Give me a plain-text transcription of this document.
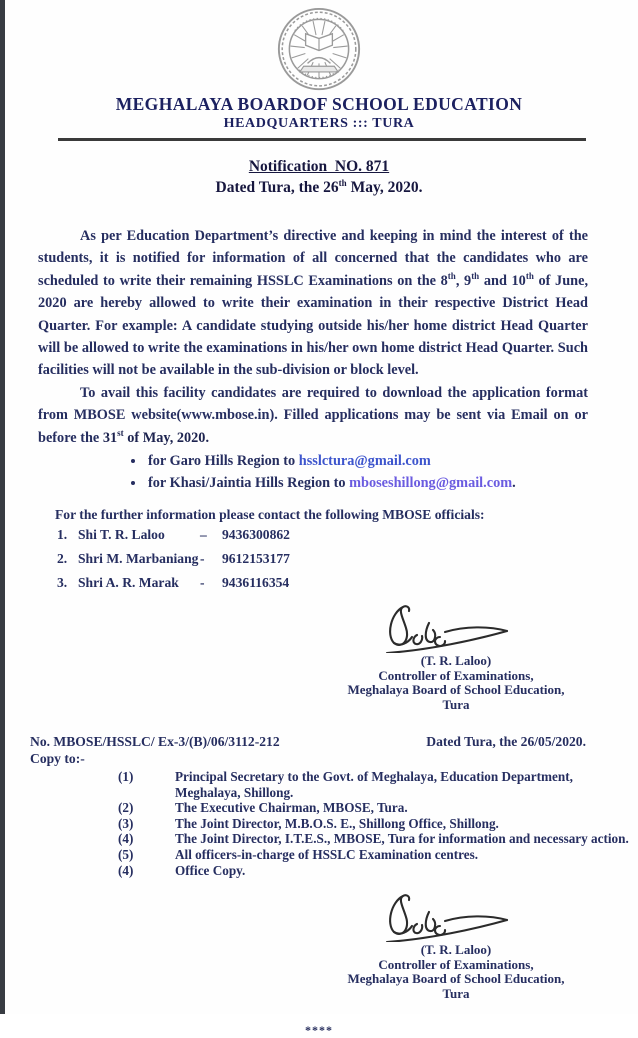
MEGHALAYA BOARDOF SCHOOL EDUCATION
HEADQUARTERS ::: TURA
Notification  NO. 871
Dated Tura, the 26th May, 2020.

As per Education Department’s directive and keeping in mind the interest of the students, it is notified for information of all concerned that the candidates who are scheduled to write their remaining HSSLC Examinations on the 8th, 9th and 10th of June, 2020 are hereby allowed to write their examination in their respective District Head Quarter. For example: A candidate studying outside his/her home district Head Quarter will be allowed to write the examinations in his/her own home district Head Quarter. Such facilities will not be available in the sub-division or block level.

To avail this facility candidates are required to download the application format from MBOSE website(www.mbose.in). Filled applications may be sent via Email on or before the 31st of May, 2020.

• for Garo Hills Region to hsslctura@gmail.com
• for Khasi/Jaintia Hills Region to mboseshillong@gmail.com.
For the further information please contact the following MBOSE officials:
1. Shi T. R. Laloo	–	9436300862
2. Shri M. Marbaniang -	9612153177
3. Shri A. R. Marak	-	9436116354
(T. R. Laloo)
Controller of Examinations,
Meghalaya Board of School Education,
Tura
No. MBOSE/HSSLC/ Ex-3/(B)/06/3112-212	Dated Tura, the 26/05/2020.
Copy to:-
(1)	Principal Secretary to the Govt. of Meghalaya, Education Department,
Meghalaya, Shillong.
(2)	The Executive Chairman, MBOSE, Tura.
(3)	The Joint Director, M.B.O.S. E., Shillong Office, Shillong.
(4)	The Joint Director, I.T.E.S., MBOSE, Tura for information and necessary action.
(5)	All officers-in-charge of HSSLC Examination centres.
(4)	Office Copy.
(T. R. Laloo)
Controller of Examinations,
Meghalaya Board of School Education,
Tura
****
